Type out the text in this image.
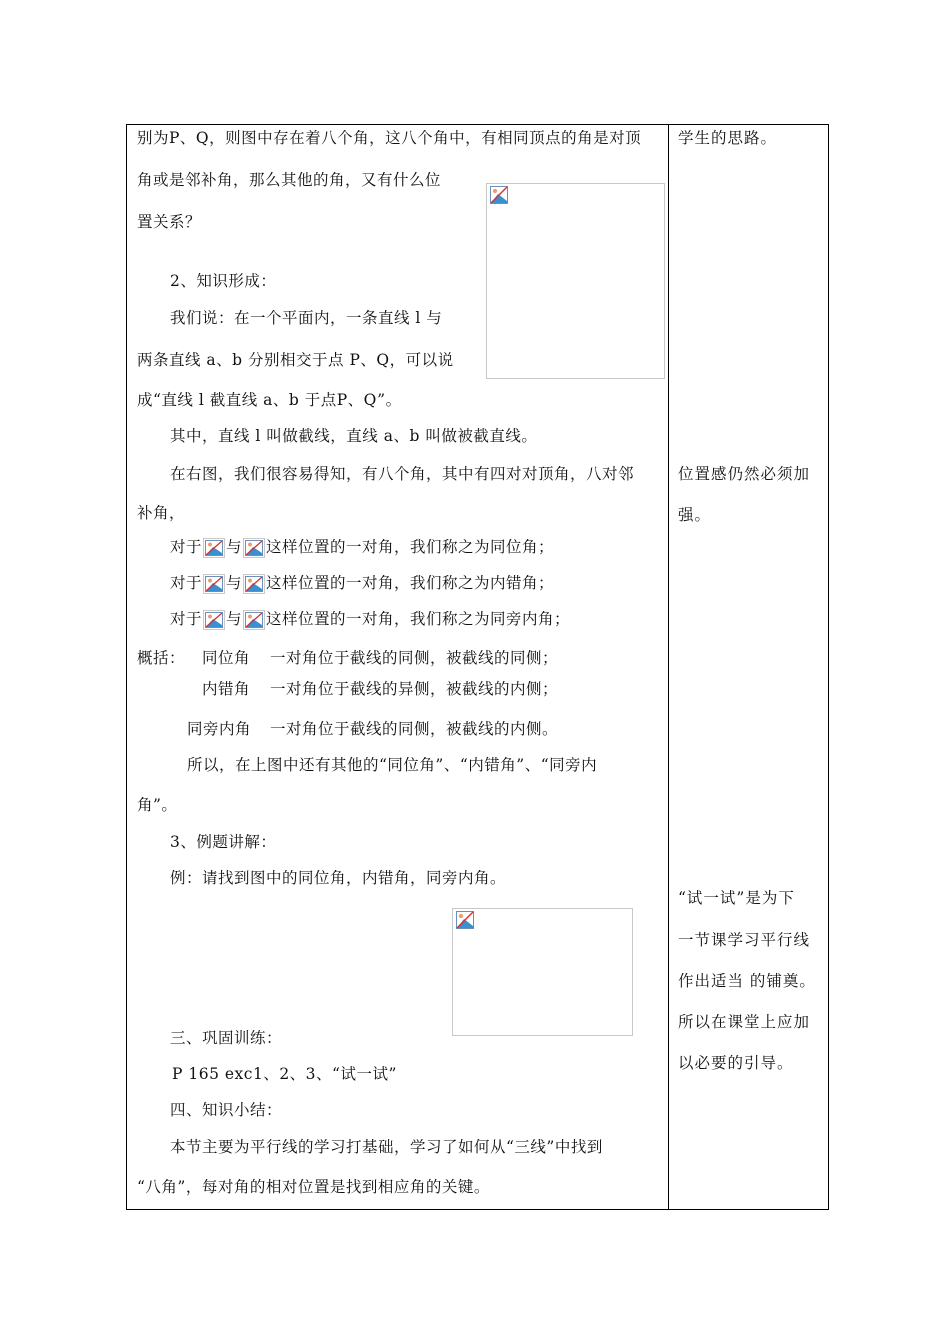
别为P、Q，则图中存在着八个角，这八个角中，有相同顶点的角是对顶
角或是邻补角，那么其他的角，又有什么位
置关系？
2、知识形成：
我们说：在一个平面内，一条直线 l 与
两条直线 a、b 分别相交于点 P、Q，可以说
成“直线 l 截直线 a、b 于点P、Q”。
其中，直线 l 叫做截线，直线 a、b 叫做被截直线。
在右图，我们很容易得知，有八个角，其中有四对对顶角，八对邻
补角，
对于 与 这样位置的一对角，我们称之为同位角；
对于 与 这样位置的一对角，我们称之为内错角；
对于 与 这样位置的一对角，我们称之为同旁内角；
概括： 同位角 一对角位于截线的同侧，被截线的同侧；
内错角 一对角位于截线的异侧，被截线的内侧；
同旁内角 一对角位于截线的同侧，被截线的内侧。
所以，在上图中还有其他的“同位角”、“内错角”、“同旁内
角”。
3、例题讲解：
例：请找到图中的同位角，内错角，同旁内角。
三、巩固训练：
P 165 exc1、2、3、“试一试”
四、知识小结：
本节主要为平行线的学习打基础，学习了如何从“三线”中找到
“八角”，每对角的相对位置是找到相应角的关键。
学生的思路。
位置感仍然必须加
强。
“试一试”是为下
一节课学习平行线
作出适当 的铺奠。
所以在课堂上应加
以必要的引导。
